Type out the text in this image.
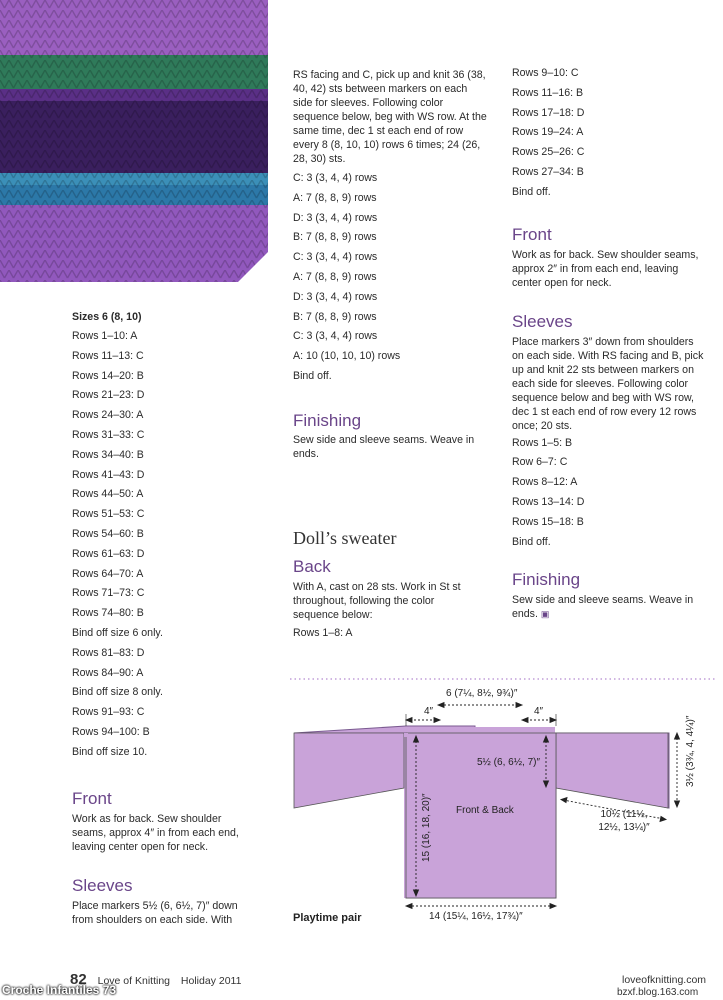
Sizes 6 (8, 10)

Rows 1–10: A

Rows 11–13: C

Rows 14–20: B

Rows 21–23: D

Rows 24–30: A

Rows 31–33: C

Rows 34–40: B

Rows 41–43: D

Rows 44–50: A

Rows 51–53: C

Rows 54–60: B

Rows 61–63: D

Rows 64–70: A

Rows 71–73: C

Rows 74–80: B

Bind off size 6 only.

Rows 81–83: D

Rows 84–90: A

Bind off size 8 only.

Rows 91–93: C

Rows 94–100: B

Bind off size 10.

Front

Work as for back. Sew shoulder seams, approx 4″ in from each end, leaving center open for neck.

Sleeves

Place markers 5½ (6, 6½, 7)″ down from shoulders on each side. With

RS facing and C, pick up and knit 36 (38, 40, 42) sts between markers on each side for sleeves. Following color sequence below, beg with WS row. At the same time, dec 1 st each end of row every 8 (8, 10, 10) rows 6 times; 24 (26, 28, 30) sts.

C: 3 (3, 4, 4) rows

A: 7 (8, 8, 9) rows

D: 3 (3, 4, 4) rows

B: 7 (8, 8, 9) rows

C: 3 (3, 4, 4) rows

A: 7 (8, 8, 9) rows

D: 3 (3, 4, 4) rows

B: 7 (8, 8, 9) rows

C: 3 (3, 4, 4) rows

A: 10 (10, 10, 10) rows

Bind off.

Finishing

Sew side and sleeve seams. Weave in ends.

Doll’s sweater
Back

With A, cast on 28 sts. Work in St st throughout, following the color sequence below:

Rows 1–8: A

Rows 9–10: C

Rows 11–16: B

Rows 17–18: D

Rows 19–24: A

Rows 25–26: C

Rows 27–34: B

Bind off.

Front

Work as for back. Sew shoulder seams, approx 2″ in from each end, leaving center open for neck.

Sleeves

Place markers 3″ down from shoulders on each side. With RS facing and B, pick up and knit 22 sts between markers on each side for sleeves. Following color sequence below and beg with WS row, dec 1 st each end of row every 12 rows once; 20 sts.

Rows 1–5: B

Row 6–7: C

Rows 8–12: A

Rows 13–14: D

Rows 15–18: B

Bind off.

Finishing

Sew side and sleeve seams. Weave in ends. ▣

6 (7¼, 8½, 9¾)″
4″	4″
5½ (6, 6½, 7)″
Front & Back
3½ (3¾, 4, 4¼)″
10½ (11½, 12½, 13¼)″
15 (16, 18, 20)″
14 (15¼, 16½, 17¾)″
Playtime pair
82 Love of Knitting Holiday 2011	loveofknitting.com
Croche Infantiles 73	bzxf.blog.163.com
